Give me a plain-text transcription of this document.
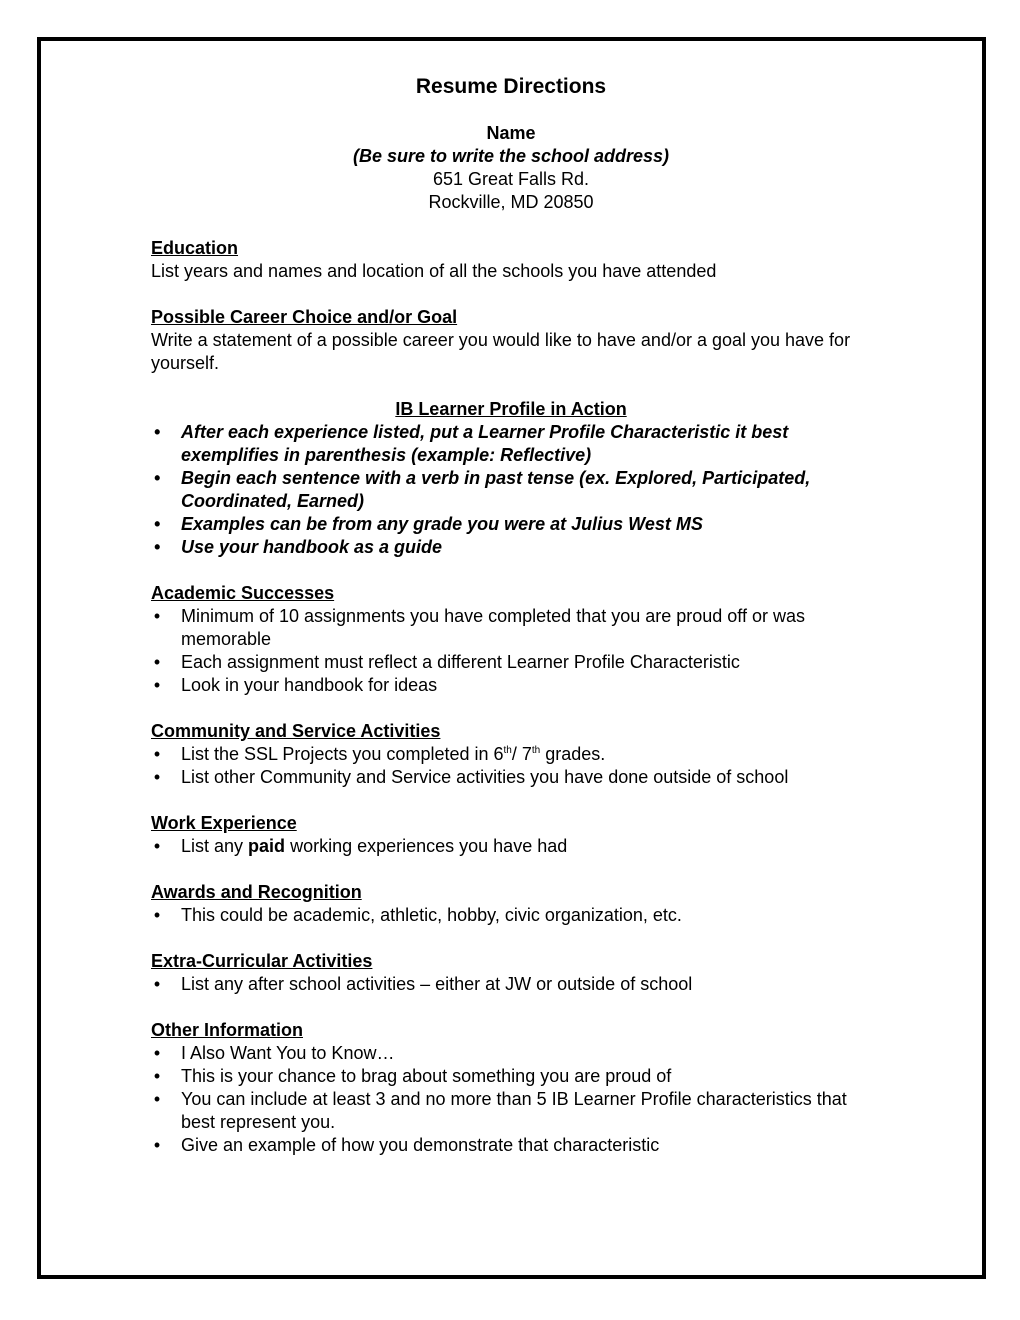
Resume Directions
Name
(Be sure to write the school address)
651 Great Falls Rd.
Rockville, MD 20850
Education
List years and names and location of all the schools you have attended
Possible Career Choice and/or Goal
Write a statement of a possible career you would like to have and/or a goal you have for yourself.
IB Learner Profile in Action
• After each experience listed, put a Learner Profile Characteristic it best exemplifies in parenthesis (example: Reflective)
• Begin each sentence with a verb in past tense (ex. Explored, Participated, Coordinated, Earned)
• Examples can be from any grade you were at Julius West MS
• Use your handbook as a guide
Academic Successes
• Minimum of 10 assignments you have completed that you are proud off or was memorable
• Each assignment must reflect a different Learner Profile Characteristic
• Look in your handbook for ideas
Community and Service Activities
• List the SSL Projects you completed in 6th/ 7th grades.
• List other Community and Service activities you have done outside of school
Work Experience
• List any paid working experiences you have had
Awards and Recognition
• This could be academic, athletic, hobby, civic organization, etc.
Extra-Curricular Activities
• List any after school activities – either at JW or outside of school
Other Information
• I Also Want You to Know…
• This is your chance to brag about something you are proud of
• You can include at least 3 and no more than 5 IB Learner Profile characteristics that best represent you.
• Give an example of how you demonstrate that characteristic
